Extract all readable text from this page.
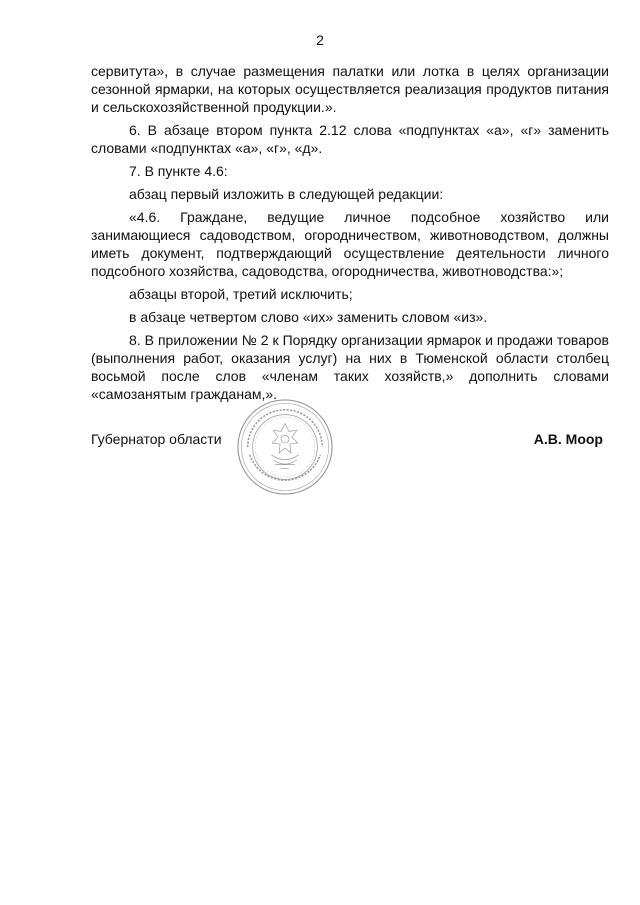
2

сервитута», в случае размещения палатки или лотка в целях организации сезонной ярмарки, на которых осуществляется реализация продуктов питания и сельскохозяйственной продукции.».

6. В абзаце втором пункта 2.12 слова «подпунктах «а», «г» заменить словами «подпунктах «а», «г», «д».

7. В пункте 4.6:

абзац первый изложить в следующей редакции:

«4.6. Граждане, ведущие личное подсобное хозяйство или занимающиеся садоводством, огородничеством, животноводством, должны иметь документ, подтверждающий осуществление деятельности личного подсобного хозяйства, садоводства, огородничества, животноводства:»;

абзацы второй, третий исключить;

в абзаце четвертом слово «их» заменить словом «из».

8. В приложении № 2 к Порядку организации ярмарок и продажи товаров (выполнения работ, оказания услуг) на них в Тюменской области столбец восьмой после слов «членам таких хозяйств,» дополнить словами «самозанятым гражданам,».

Губернатор области	А.В. Моор
